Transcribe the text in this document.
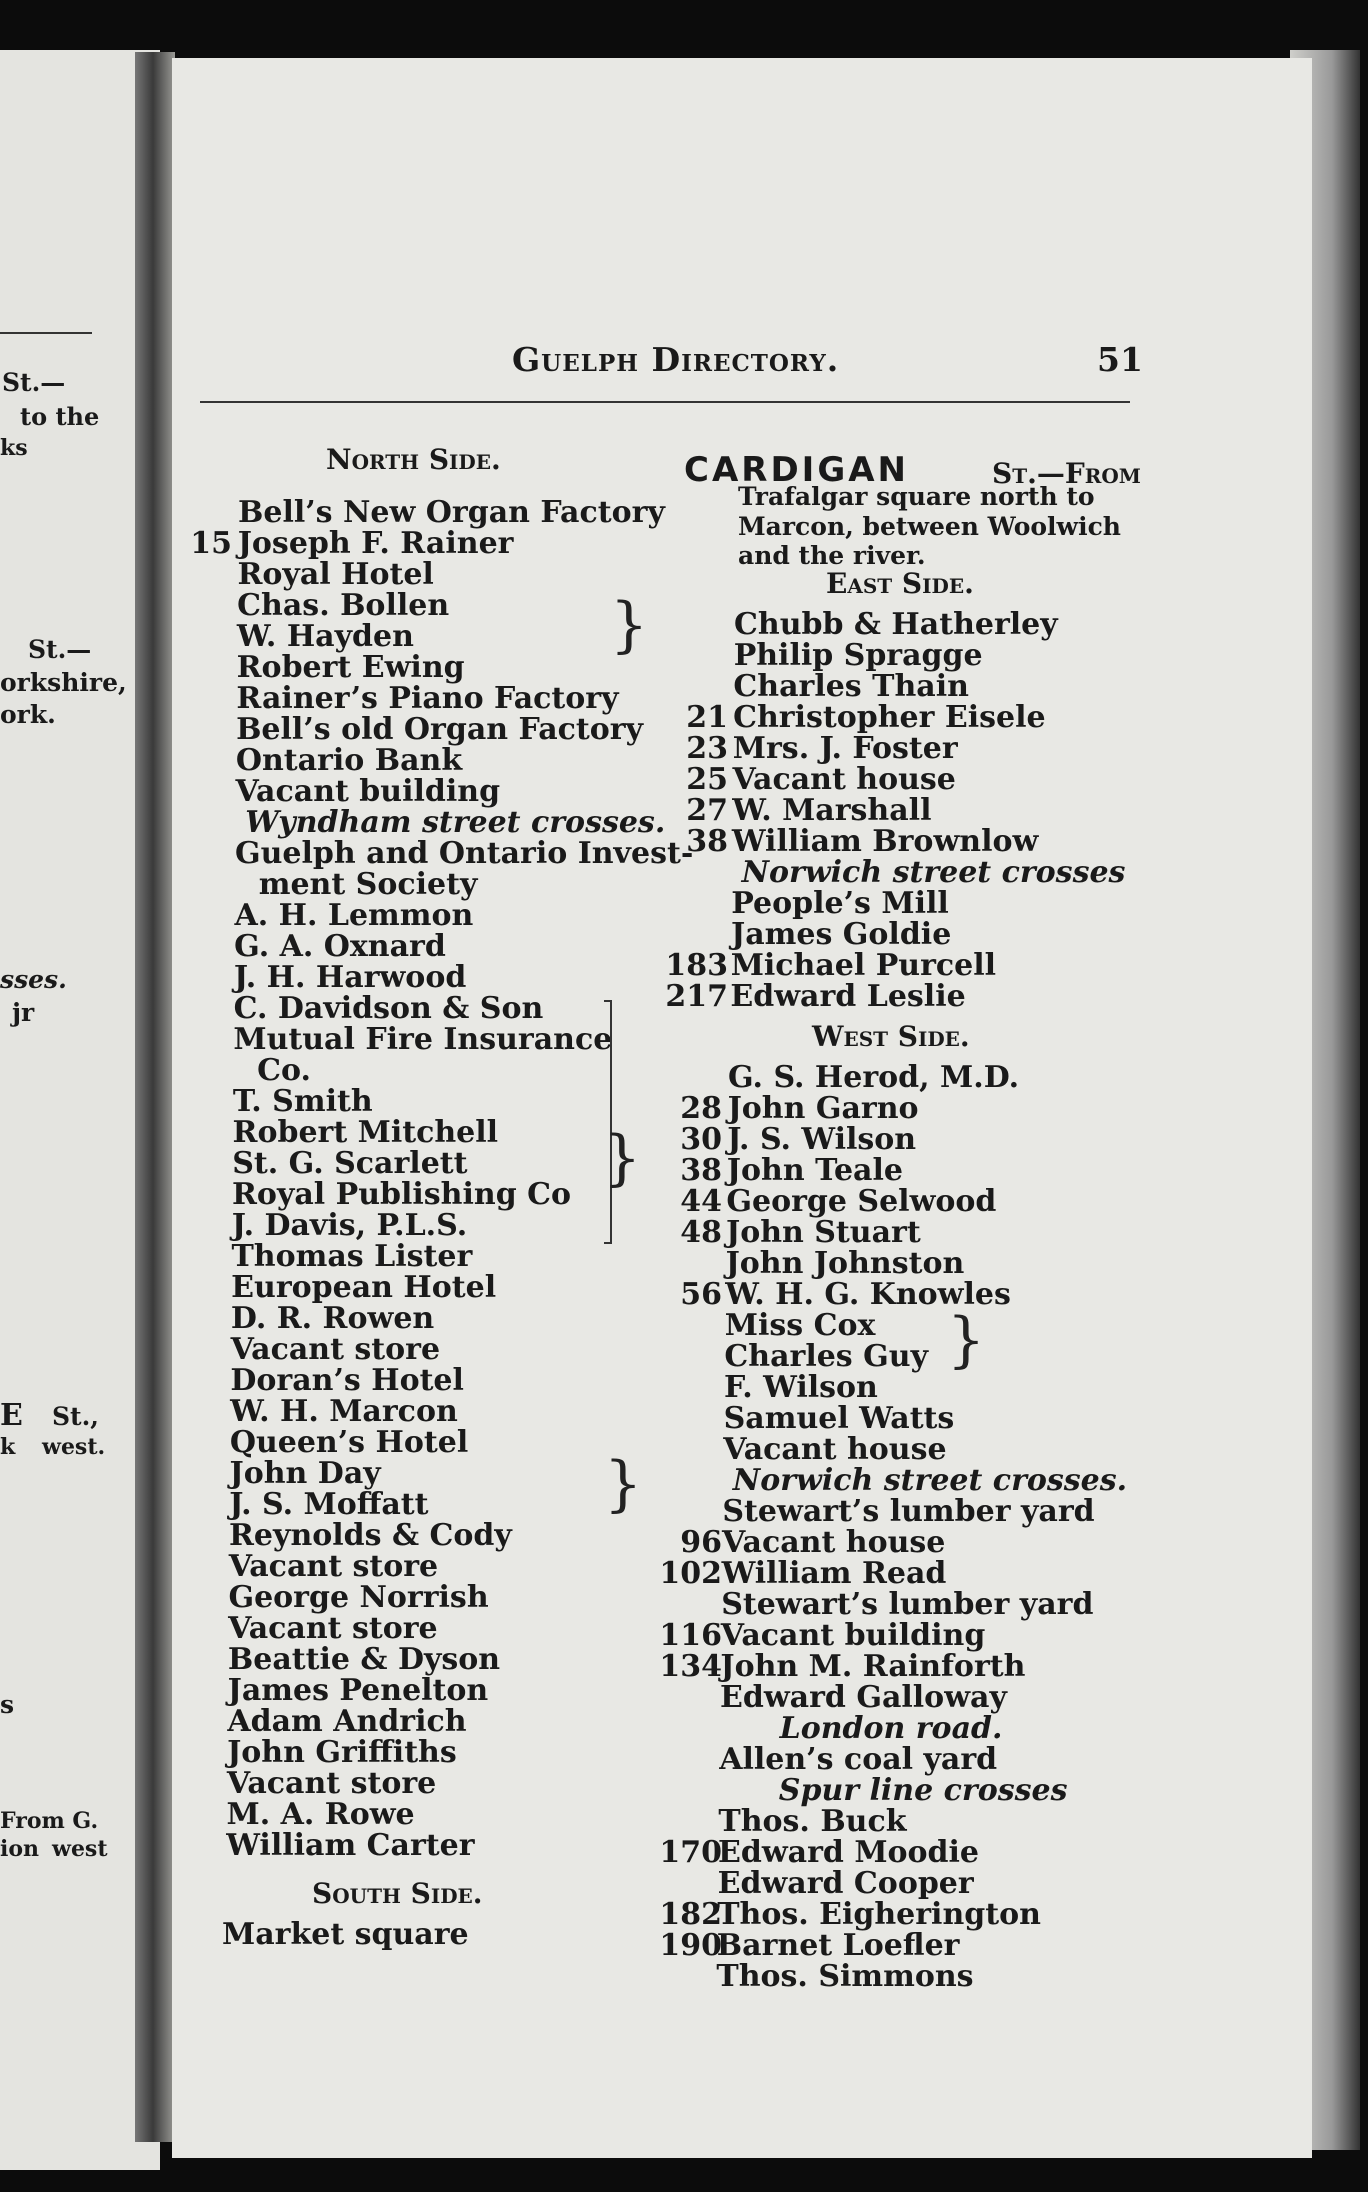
St.—
to the
ks
St.—
orkshire,
ork.
sses.
jr
E St.,
k west.
s
From G.
ion west
Guelph Directory.	51
North Side.
Bell’s New Organ Factory
15 Joseph F. Rainer
Royal Hotel
Chas. Bollen
W. Hayden
Robert Ewing
Rainer’s Piano Factory
Bell’s old Organ Factory
Ontario Bank
Vacant building
Wyndham street crosses.
Guelph and Ontario Invest-
ment Society
A. H. Lemmon
G. A. Oxnard
J. H. Harwood
C. Davidson & Son
Mutual Fire Insurance
Co.
T. Smith
Robert Mitchell
St. G. Scarlett
Royal Publishing Co
J. Davis, P.L.S.
Thomas Lister
European Hotel
D. R. Rowen
Vacant store
Doran’s Hotel
W. H. Marcon
Queen’s Hotel
John Day
J. S. Moffatt
Reynolds & Cody
Vacant store
George Norrish
Vacant store
Beattie & Dyson
James Penelton
Adam Andrich
John Griffiths
Vacant store
M. A. Rowe
William Carter
South Side.
Market square
CARDIGAN	St.—From
Trafalgar square north to Marcon, between Woolwich and the river.
East Side.
Chubb & Hatherley
Philip Spragge
Charles Thain
21 Christopher Eisele
23 Mrs. J. Foster
25 Vacant house
27 W. Marshall
38 William Brownlow
Norwich street crosses
People’s Mill
James Goldie
183 Michael Purcell
217 Edward Leslie
West Side.
G. S. Herod, M.D.
28 John Garno
30 J. S. Wilson
38 John Teale
44 George Selwood
48 John Stuart
John Johnston
56 W. H. G. Knowles
Miss Cox
Charles Guy
F. Wilson
Samuel Watts
Vacant house
Norwich street crosses.
Stewart’s lumber yard
96 Vacant house
102 William Read
Stewart’s lumber yard
116
Vacant building
134
John M. Rainforth
Edward Galloway
London road.
Allen’s coal yard
Spur line crosses
Thos. Buck
170
Edward Moodie
Edward Cooper
182
Thos. Eigherington
190
Barnet Loefler
Thos. Simmons
}
}
}
}
